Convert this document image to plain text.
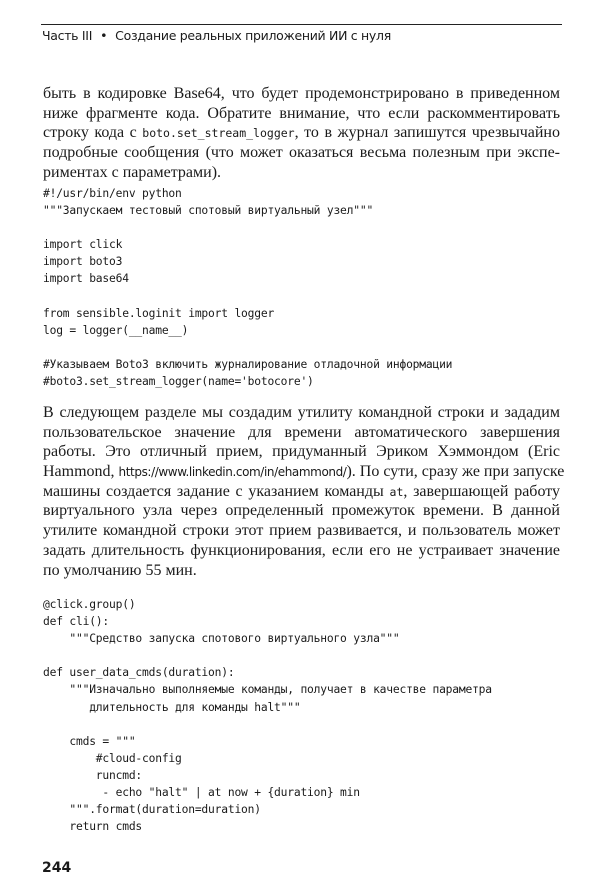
Часть III • Создание реальных приложений ИИ с нуля
быть в кодировке Base64, что будет продемонстрировано в приведенном
ниже фрагменте кода. Обратите внимание, что если раскомментировать
строку кода с boto.set_stream_logger, то в журнал запишутся чрезвычайно
подробные сообщения (что может оказаться весьма полезным при экспе-
риментах с параметрами).
#!/usr/bin/env python
"""Запускаем тестовый спотовый виртуальный узел"""
import click
import boto3
import base64
from sensible.loginit import logger
log = logger(__name__)
#Указываем Boto3 включить журналирование отладочной информации
#boto3.set_stream_logger(name='botocore')
В следующем разделе мы создадим утилиту командной строки и зададим
пользовательское значение для времени автоматического завершения
работы. Это отличный прием, придуманный Эриком Хэммондом (Eric
Hammond, https://www.linkedin.com/in/ehammond/). По сути, сразу же при запуске
машины создается задание с указанием команды at, завершающей работу
виртуального узла через определенный промежуток времени. В данной
утилите командной строки этот прием развивается, и пользователь может
задать длительность функционирования, если его не устраивает значение
по умолчанию 55 мин.
@click.group()
def cli():
"""Средство запуска спотового виртуального узла"""
def user_data_cmds(duration):
"""Изначально выполняемые команды, получает в качестве параметра
длительность для команды halt"""
cmds = """
#cloud-config
runcmd:
- echo "halt" | at now + {duration} min
""".format(duration=duration)
return cmds
244
